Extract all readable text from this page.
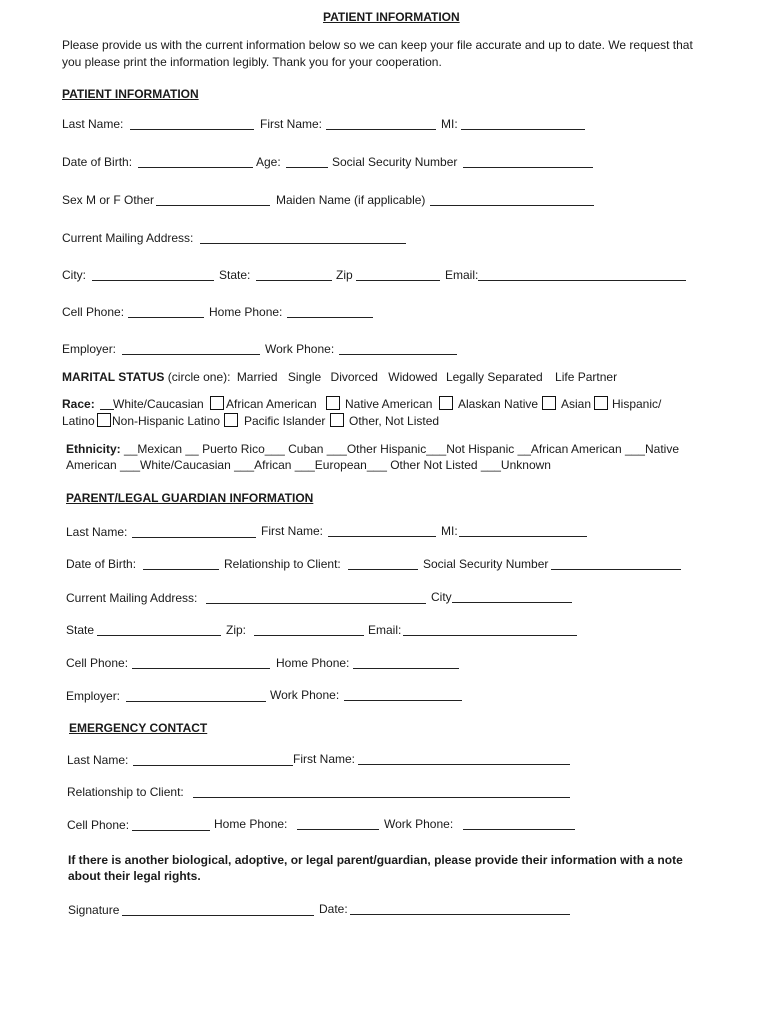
PATIENT INFORMATION
Please provide us with the current information below so we can keep your file accurate and up to date. We request that you please print the information legibly. Thank you for your cooperation.
PATIENT INFORMATION
Last Name:	First Name:	MI:
Date of Birth:	Age:	Social Security Number
Sex M or F Other	Maiden Name (if applicable)
Current Mailing Address:
City:	State:	Zip	Email:
Cell Phone:	Home Phone:
Employer:	Work Phone:
MARITAL STATUS (circle one): Married Single Divorced Widowed Legally Separated Life Partner
Race: White/Caucasian African American Native American Alaskan Native Asian Hispanic/
Latino Non-Hispanic Latino Pacific Islander Other, Not Listed
Ethnicity: __Mexican __ Puerto Rico___ Cuban ___Other Hispanic___Not Hispanic __African American ___Native
American ___White/Caucasian ___African ___European___ Other Not Listed ___Unknown
PARENT/LEGAL GUARDIAN INFORMATION
Last Name:	First Name:	MI:
Date of Birth:	Relationship to Client:	Social Security Number
Current Mailing Address:	City
State	Zip:	Email:
Cell Phone:	Home Phone:
Employer:	Work Phone:
EMERGENCY CONTACT
Last Name:	First Name:
Relationship to Client:
Cell Phone:	Home Phone:	Work Phone:
If there is another biological, adoptive, or legal parent/guardian, please provide their information with a note about their legal rights.
Signature	Date:
